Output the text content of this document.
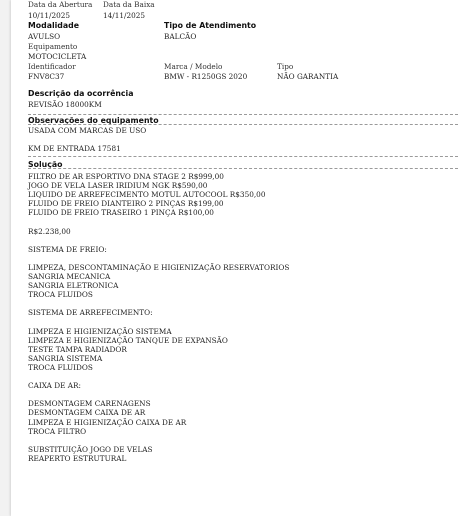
Data da Abertura Data da Baixa
10/11/2025	14/11/2025
Modalidade	Tipo de Atendimento
AVULSO	BALCÃO
Equipamento
MOTOCICLETA
Identificador	Marca / Modelo	Tipo
FNV8C37	BMW - R1250GS 2020	NÃO GARANTIA
Descrição da ocorrência
REVISÃO 18000KM
Observações do equipamento
USADA COM MARCAS DE USO
KM DE ENTRADA 17581
Solução
FILTRO DE AR ESPORTIVO DNA STAGE 2 R$999,00
JOGO DE VELA LASER IRIDIUM NGK R$590,00
LIQUIDO DE ARREFECIMENTO MOTUL AUTOCOOL R$350,00
FLUIDO DE FREIO DIANTEIRO 2 PINÇAS R$199,00
FLUIDO DE FREIO TRASEIRO 1 PINÇA R$100,00
R$2.238,00
SISTEMA DE FREIO:
LIMPEZA, DESCONTAMINAÇÃO E HIGIENIZAÇÃO RESERVATORIOS
SANGRIA MECANICA
SANGRIA ELETRONICA
TROCA FLUIDOS
SISTEMA DE ARREFECIMENTO:
LIMPEZA E HIGIENIZAÇÃO SISTEMA
LIMPEZA E HIGIENIZAÇÃO TANQUE DE EXPANSÃO
TESTE TAMPA RADIADOR
SANGRIA SISTEMA
TROCA FLUIDOS
CAIXA DE AR:
DESMONTAGEM CARENAGENS
DESMONTAGEM CAIXA DE AR
LIMPEZA E HIGIENIZAÇÃO CAIXA DE AR
TROCA FILTRO
SUBSTITUIÇÃO JOGO DE VELAS
REAPERTO ESTRUTURAL
